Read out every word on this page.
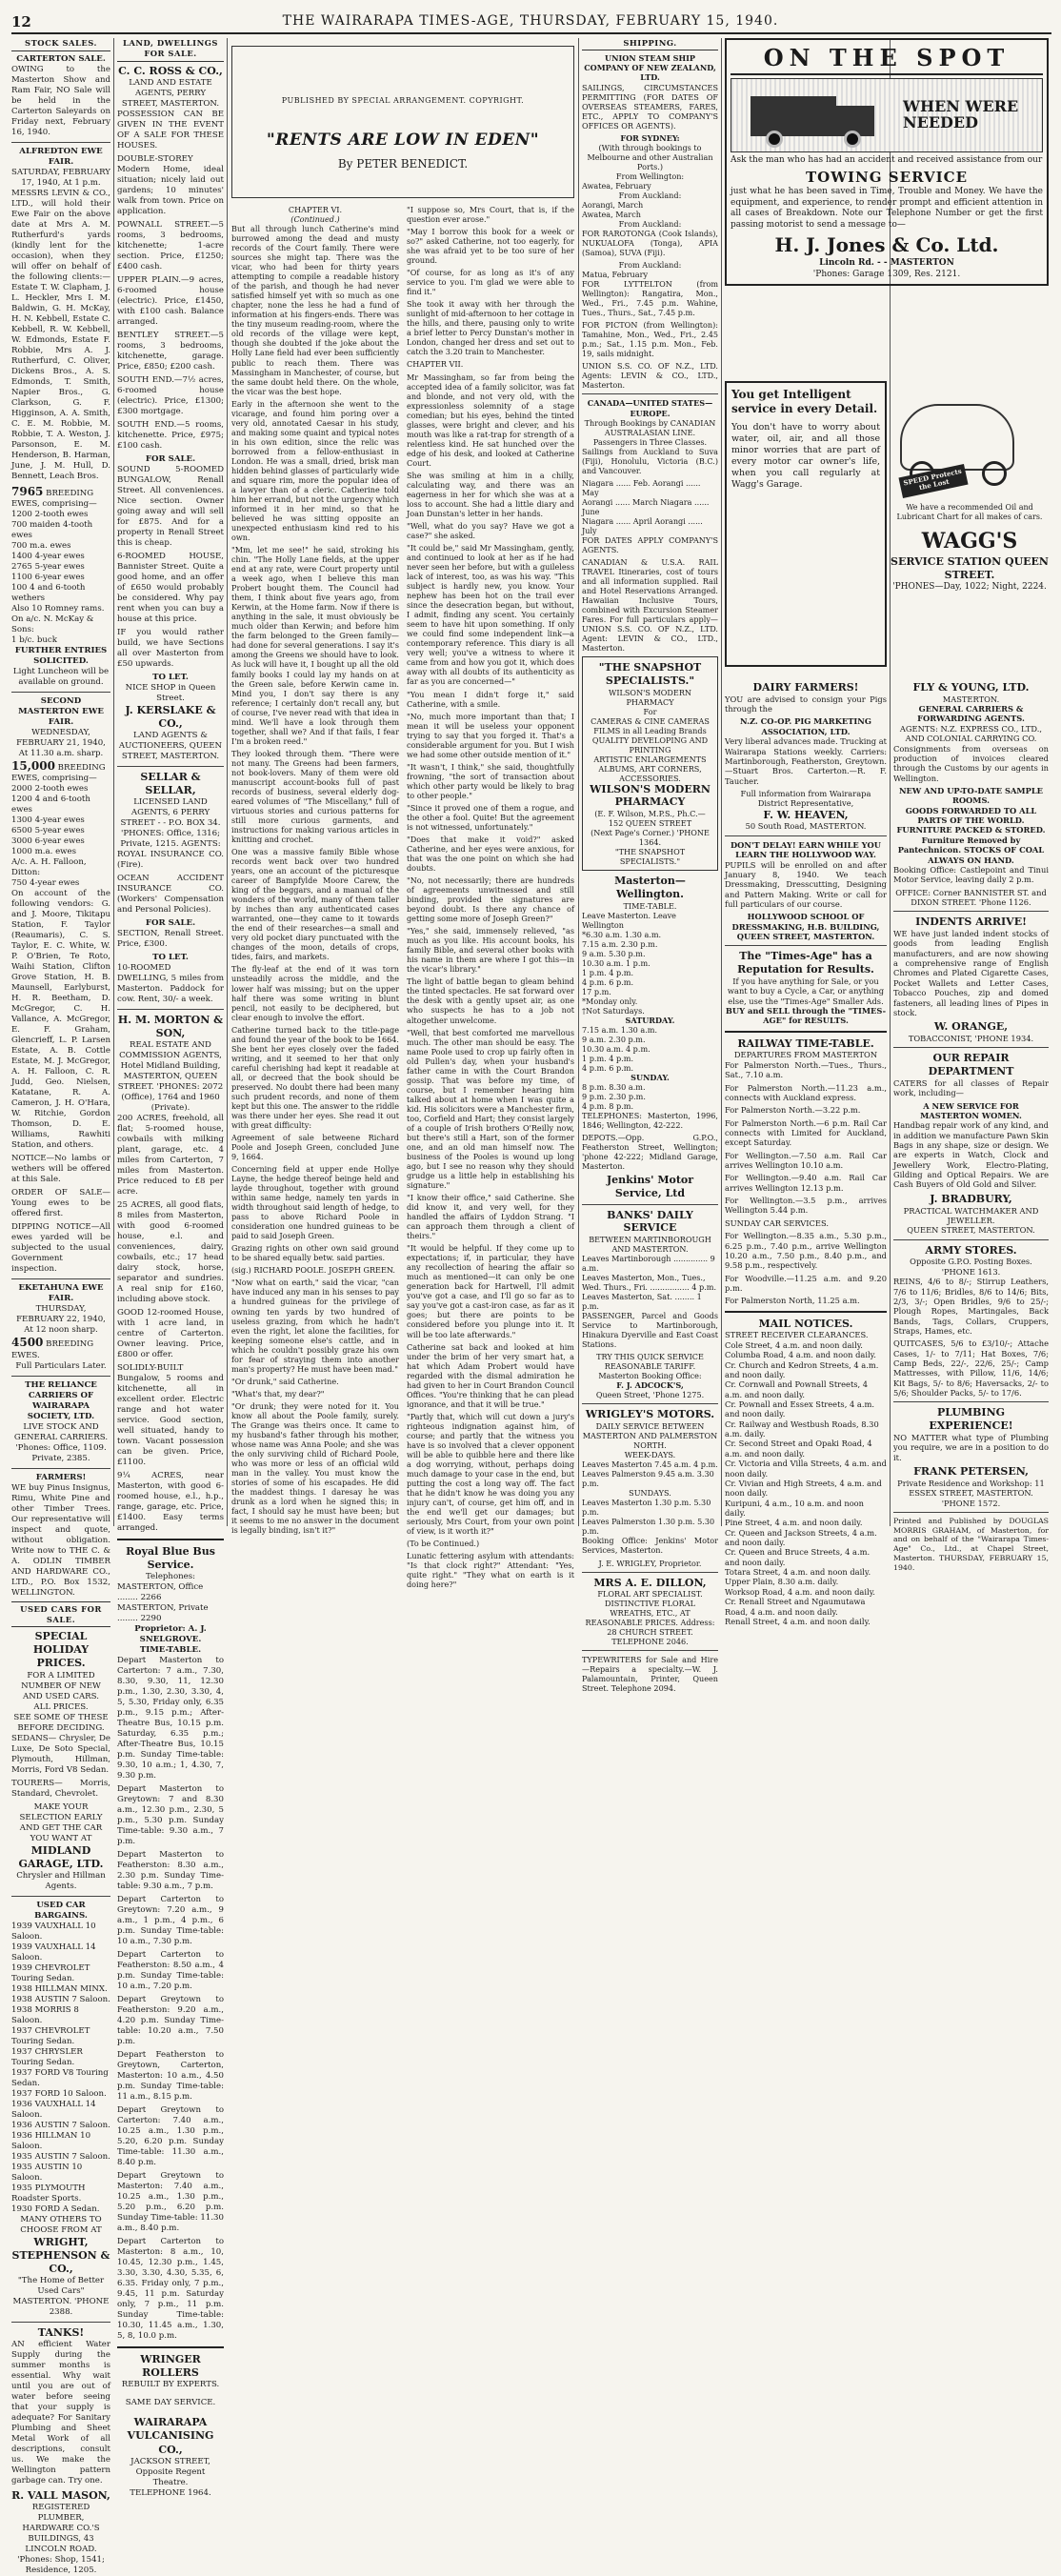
12	THE WAIRARAPA TIMES-AGE, THURSDAY, FEBRUARY 15, 1940.
STOCK SALES.
CARTERTON SALE.
OWING to the Masterton Show and Ram Fair, NO Sale will be held in the Carterton Saleyards on Friday next, February 16, 1940.
ALFREDTON EWE FAIR.
SATURDAY, FEBRUARY 17, 1940, At 1 p.m.
MESSRS LEVIN & CO., LTD., will hold their Ewe Fair on the above date at Mrs A. M. Rutherfurd's yards (kindly lent for the occasion), when they will offer on behalf of the following clients:— Estate T. W. Clapham, J. L. Heckler, Mrs I. M. Baldwin, G. H. McKay, H. N. Kebbell, Estate C. Kebbell, R. W. Kebbell, W. Edmonds, Estate F. Robbie, Mrs A. J. Rutherfurd, C. Oliver, Dickens Bros., A. S. Edmonds, T. Smith, Napier Bros., G. Clarkson, G. F. Higginson, A. A. Smith, C. E. M. Robbie, M. Robbie, T. A. Weston, J. Parsonson, E. M. Henderson, B. Harman, June, J. M. Hull, D. Bennett, Leach Bros.
7965 BREEDING EWES, comprising—
1200 2-tooth ewes
700 maiden 4-tooth ewes
700 m.a. ewes
1400 4-year ewes
2765 5-year ewes
1100 6-year ewes
100 4 and 6-tooth wethers
Also 10 Romney rams.
On a/c. N. McKay & Sons:
1 b/c. buck
FURTHER ENTRIES SOLICITED.
Light Luncheon will be available on ground.
SECOND MASTERTON EWE FAIR.
WEDNESDAY, FEBRUARY 21, 1940, At 11.30 a.m. sharp.
15,000 BREEDING EWES, comprising—
2000 2-tooth ewes
1200 4 and 6-tooth ewes
1300 4-year ewes
6500 5-year ewes
3000 6-year ewes
1000 m.a. ewes
A/c. A. H. Falloon, Ditton:
750 4-year ewes
On account of the following vendors: G. and J. Moore, Tikitapu Station, F. Taylor (Reaumaris), C. S. Taylor, E. C. White, W. P. O'Brien, Te Roto, Waihi Station, Clifton Grove Station, H. B. Maunsell, Earlyburst, H. R. Beetham, D. McGregor, C. H. Vallance, A. McGregor, E. F. Graham, Glencrieff, L. P. Larsen Estate, A. B. Cottle Estate, M. J. McGregor, A. H. Falloon, C. R. Judd, Geo. Nielsen, Katatane, R. A. Cameron, J. H. O'Hara, W. Ritchie, Gordon Thomson, D. E. Williams, Rawhiti Station, and others.
NOTICE—No lambs or wethers will be offered at this Sale.
ORDER OF SALE—Young ewes to be offered first.
DIPPING NOTICE—All ewes yarded will be subjected to the usual Government inspection.
EKETAHUNA EWE FAIR.
THURSDAY, FEBRUARY 22, 1940, At 12 noon sharp.
4500 BREEDING EWES.
Full Particulars Later.
THE RELIANCE CARRIERS OF WAIRARAPA SOCIETY, LTD.
LIVE STOCK AND GENERAL CARRIERS.
'Phones: Office, 1109. Private, 2385.
FARMERS!
WE buy Pinus Insignus, Rimu, White Pine and other Timber Trees. Our representative will inspect and quote, without obligation. Write now to THE C. & A. ODLIN TIMBER AND HARDWARE CO., LTD., P.O. Box 1532, WELLINGTON.
USED CARS FOR SALE.
SPECIAL HOLIDAY PRICES.
FOR A LIMITED NUMBER OF NEW AND USED CARS.
ALL PRICES.
SEE SOME OF THESE BEFORE DECIDING.
SEDANS— Chrysler, De Luxe, De Soto Special, Plymouth, Hillman, Morris, Ford V8 Sedan.
TOURERS— Morris, Standard, Chevrolet.
MAKE YOUR SELECTION EARLY AND GET THE CAR YOU WANT AT
MIDLAND GARAGE, LTD.
Chrysler and Hillman Agents.
USED CAR BARGAINS.
1939 VAUXHALL 10 Saloon.
1939 VAUXHALL 14 Saloon.
1939 CHEVROLET Touring Sedan.
1938 HILLMAN MINX.
1938 AUSTIN 7 Saloon.
1938 MORRIS 8 Saloon.
1937 CHEVROLET Touring Sedan.
1937 CHRYSLER Touring Sedan.
1937 FORD V8 Touring Sedan.
1937 FORD 10 Saloon.
1936 VAUXHALL 14 Saloon.
1936 AUSTIN 7 Saloon.
1936 HILLMAN 10 Saloon.
1935 AUSTIN 7 Saloon.
1935 AUSTIN 10 Saloon.
1935 PLYMOUTH Roadster Sports.
1930 FORD A Sedan.
MANY OTHERS TO CHOOSE FROM AT
WRIGHT, STEPHENSON & CO.,
"The Home of Better Used Cars"
MASTERTON. 'PHONE 2388.
TANKS!
AN efficient Water Supply during the summer months is essential. Why wait until you are out of water before seeing that your supply is adequate? For Sanitary Plumbing and Sheet Metal Work of all descriptions, consult us. We make the Wellington pattern garbage can. Try one.
R. VALL MASON,
REGISTERED PLUMBER, HARDWARE CO.'S BUILDINGS, 43 LINCOLN ROAD.
'Phones: Shop, 1541; Residence, 1205.
LAND, DWELLINGS FOR SALE.
C. C. ROSS & CO.,
LAND AND ESTATE AGENTS, PERRY STREET, MASTERTON.
POSSESSION CAN BE GIVEN IN THE EVENT OF A SALE FOR THESE HOUSES.
DOUBLE-STOREY Modern Home, ideal situation; nicely laid out gardens; 10 minutes' walk from town. Price on application.
POWNALL STREET.—5 rooms, 3 bedrooms, kitchenette; 1-acre section. Price, £1250; £400 cash.
UPPER PLAIN.—9 acres, 6-roomed house (electric). Price, £1450, with £100 cash. Balance arranged.
BENTLEY STREET.—5 rooms, 3 bedrooms, kitchenette, garage. Price, £850; £200 cash.
SOUTH END.—7½ acres, 6-roomed house (electric). Price, £1300; £300 mortgage.
SOUTH END.—5 rooms, kitchenette. Price, £975; £100 cash.
FOR SALE.
SOUND 5-ROOMED BUNGALOW, Renall Street. All conveniences. Nice section. Owner going away and will sell for £875. And for a property in Renall Street this is cheap.
6-ROOMED HOUSE, Bannister Street. Quite a good home, and an offer of £650 would probably be considered. Why pay rent when you can buy a house at this price.
IF you would rather build, we have Sections all over Masterton from £50 upwards.
TO LET.
NICE SHOP in Queen Street.
J. KERSLAKE & CO.,
LAND AGENTS & AUCTIONEERS, QUEEN STREET, MASTERTON.
SELLAR & SELLAR,
LICENSED LAND AGENTS, 6 PERRY STREET - - P.O. BOX 34. 'PHONES: Office, 1316; Private, 1215. AGENTS:
ROYAL INSURANCE CO. (Fire).
OCEAN ACCIDENT INSURANCE CO. (Workers' Compensation and Personal Policies).
FOR SALE.
SECTION, Renall Street. Price, £300.
TO LET.
10-ROOMED DWELLING, 5 miles from Masterton. Paddock for cow. Rent, 30/- a week.
H. M. MORTON & SON,
REAL ESTATE AND COMMISSION AGENTS, Hotel Midland Building, MASTERTON, QUEEN STREET. 'PHONES: 2072 (Office), 1764 and 1960 (Private).
200 ACRES, freehold, all flat; 5-roomed house, cowbails with milking plant, garage, etc. 4 miles from Carterton, 7 miles from Masterton. Price reduced to £8 per acre.
25 ACRES, all good flats, 8 miles from Masterton, with good 6-roomed house, e.l. and conveniences, dairy, cowbails, etc.; 17 head dairy stock, horse, separator and sundries. A real snip for £160, including above stock.
GOOD 12-roomed House, with 1 acre land, in centre of Carterton. Owner leaving. Price, £800 or offer.
SOLIDLY-BUILT Bungalow, 5 rooms and kitchenette, all in excellent order. Electric range and hot water service. Good section, well situated, handy to town. Vacant possession can be given. Price, £1100.
9¼ ACRES, near Masterton, with good 6-roomed house, e.l., h.p., range, garage, etc. Price, £1400. Easy terms arranged.
Royal Blue Bus Service.
Telephones:
MASTERTON, Office ........ 2266
MASTERTON, Private ........ 2290
Proprietor: A. J. SNELGROVE.
TIME-TABLE.
Depart Masterton to Carterton: 7 a.m., 7.30, 8.30, 9.30, 11, 12.30 p.m., 1.30, 2.30, 3.30, 4, 5, 5.30, Friday only, 6.35 p.m., 9.15 p.m.; After-Theatre Bus, 10.15 p.m. Saturday, 6.35 p.m.; After-Theatre Bus, 10.15 p.m. Sunday Time-table: 9.30, 10 a.m.; 1, 4.30, 7, 9.30 p.m.
Depart Masterton to Greytown: 7 and 8.30 a.m., 12.30 p.m., 2.30, 5 p.m., 5.30 p.m. Sunday Time-table: 9.30 a.m., 7 p.m.
Depart Masterton to Featherston: 8.30 a.m., 2.30 p.m. Sunday Time-table: 9.30 a.m., 7 p.m.
Depart Carterton to Greytown: 7.20 a.m., 9 a.m., 1 p.m., 4 p.m., 6 p.m. Sunday Time-table: 10 a.m., 7.30 p.m.
Depart Carterton to Featherston: 8.50 a.m., 4 p.m. Sunday Time-table: 10 a.m., 7.20 p.m.
Depart Greytown to Featherston: 9.20 a.m., 4.20 p.m. Sunday Time-table: 10.20 a.m., 7.50 p.m.
Depart Featherston to Greytown, Carterton, Masterton: 10 a.m., 4.50 p.m. Sunday Time-table: 11 a.m., 8.15 p.m.
Depart Greytown to Carterton: 7.40 a.m., 10.25 a.m., 1.30 p.m., 5.20, 6.20 p.m. Sunday Time-table: 11.30 a.m., 8.40 p.m.
Depart Greytown to Masterton: 7.40 a.m., 10.25 a.m., 1.30 p.m., 5.20 p.m., 6.20 p.m. Sunday Time-table: 11.30 a.m., 8.40 p.m.
Depart Carterton to Masterton: 8 a.m., 10, 10.45, 12.30 p.m., 1.45, 3.30, 3.30, 4.30, 5.35, 6, 6.35. Friday only, 7 p.m., 9.45, 11 p.m. Saturday only, 7 p.m., 11 p.m. Sunday Time-table: 10.30, 11.45 a.m., 1.30, 5, 8, 10.0 p.m.
WRINGER ROLLERS
REBUILT BY EXPERTS.
SAME DAY SERVICE.
WAIRARAPA VULCANISING CO.,
JACKSON STREET,
Opposite Regent Theatre.
TELEPHONE 1964.
PUBLISHED BY SPECIAL ARRANGEMENT. COPYRIGHT.
"RENTS ARE LOW IN EDEN"
By PETER BENEDICT.
CHAPTER VI.
(Continued.)
But all through lunch Catherine's mind burrowed among the dead and musty records of the Court family. There were sources she might tap. There was the vicar, who had been for thirty years attempting to compile a readable history of the parish, and though he had never satisfied himself yet with so much as one chapter, none the less he had a fund of information at his fingers-ends. There was the tiny museum reading-room, where the old records of the village were kept, though she doubted if the joke about the Holly Lane field had ever been sufficiently public to reach them. There was Massingham in Manchester, of course, but the same doubt held there. On the whole, the vicar was the best hope.
Early in the afternoon she went to the vicarage, and found him poring over a very old, annotated Caesar in his study, and making some quaint and typical notes in his own edition, since the relic was borrowed from a fellow-enthusiast in London. He was a small, dried, brisk man hidden behind glasses of particularly wide and square rim, more the popular idea of a lawyer than of a cleric. Catherine told him her errand, but not the urgency which informed it in her mind, so that he believed he was sitting opposite an unexpected enthusiasm kind red to his own.
"Mm, let me see!" he said, stroking his chin. "The Holly Lane fields, at the upper end at any rate, were Court property until a week ago, when I believe this man Probert bought them. The Council had them, I think about five years ago, from Kerwin, at the Home farm. Now if there is anything in the sale, it must obviously be much older than Kerwin; and before him the farm belonged to the Green family—had done for several generations. I say it's among the Greens we should have to look. As luck will have it, I bought up all the old family books I could lay my hands on at the Green sale, before Kerwin came in. Mind you, I don't say there is any reference; I certainly don't recall any, but of course, I've never read with that idea in mind. We'll have a look through them together, shall we? And if that fails, I fear I'm a broken reed."
They looked through them. "There were not many. The Greens had been farmers, not book-lovers. Many of them were old manuscript account-books full of past records of business, several elderly dog-eared volumes of "The Miscellany," full of virtuous stories and curious patterns for still more curious garments, and instructions for making various articles in knitting and crochet.
One was a massive family Bible whose records went back over two hundred years, one an account of the picturesque career of Bampfylde Moore Carew, the king of the beggars, and a manual of the wonders of the world, many of them taller by inches than any authenticated cases warranted, one—they came to it towards the end of their researches—a small and very old pocket diary punctuated with the changes of the moon, details of crops, tides, fairs, and markets.
The fly-leaf at the end of it was torn unsteadily across the middle, and the lower half was missing; but on the upper half there was some writing in blunt pencil, not easily to be deciphered, but clear enough to involve the effort.
Catherine turned back to the title-page and found the year of the book to be 1664. She bent her eyes closely over the faded writing, and it seemed to her that only careful cherishing had kept it readable at all, or decreed that the book should be preserved. No doubt there had been many such prudent records, and none of them kept but this one. The answer to the riddle was there under her eyes. She read it out with great difficulty:
Agreement of sale betweene Richard Poole and Joseph Green, concluded June 9, 1664.
Concerning field at upper ende Hollye Layne, the hedge thereof beinge held and layde throughout, together with ground within same hedge, namely ten yards in width throughout said length of hedge, to pass to above Richard Poole in consideration one hundred guineas to be paid to said Joseph Green.
Grazing rights on other own said ground to be shared equally betw. said parties.
(sig.) RICHARD POOLE. JOSEPH GREEN.
"Now what on earth," said the vicar, "can have induced any man in his senses to pay a hundred guineas for the privilege of owning ten yards by two hundred of useless grazing, from which he hadn't even the right, let alone the facilities, for keeping someone else's cattle, and in which he couldn't possibly graze his own for fear of straying them into another man's property? He must have been mad."
"Or drunk," said Catherine.
"What's that, my dear?"
"Or drunk; they were noted for it. You know all about the Poole family, surely. The Grange was theirs once. It came to my husband's father through his mother, whose name was Anna Poole; and she was the only surviving child of Richard Poole, who was more or less of an official wild man in the valley. You must know the stories of some of his escapades. He did the maddest things. I daresay he was drunk as a lord when he signed this; in fact, I should say he must have been; but it seems to me no answer in the document is legally binding, isn't it?"
"I suppose so, Mrs Court, that is, if the question ever arose."
"May I borrow this book for a week or so?" asked Catherine, not too eagerly, for she was afraid yet to be too sure of her ground.
"Of course, for as long as it's of any service to you. I'm glad we were able to find it."
She took it away with her through the sunlight of mid-afternoon to her cottage in the hills, and there, pausing only to write a brief letter to Percy Dunstan's mother in London, changed her dress and set out to catch the 3.20 train to Manchester.
CHAPTER VII.
Mr Massingham, so far from being the accepted idea of a family solicitor, was fat and blonde, and not very old, with the expressionless solemnity of a stage comedian; but his eyes, behind the tinted glasses, were bright and clever, and his mouth was like a rat-trap for strength of a relentless kind. He sat hunched over the edge of his desk, and looked at Catherine Court.
She was smiling at him in a chilly, calculating way, and there was an eagerness in her for which she was at a loss to account. She had a little diary and Joan Dunstan's letter in her hands.
"Well, what do you say? Have we got a case?" she asked.
"It could be," said Mr Massingham, gently, and continued to look at her as if he had never seen her before, but with a guileless lack of interest, too, as was his way. "This subject is hardly new, you know. Your nephew has been hot on the trail ever since the desecration began, but without, I admit, finding any scent. You certainly seem to have hit upon something. If only we could find some independent link—a contemporary reference. This diary is all very well; you've a witness to where it came from and how you got it, which does away with all doubts of its authenticity as far as you are concerned—"
"You mean I didn't forge it," said Catherine, with a smile.
"No, much more important than that; I mean it will be useless your opponent trying to say that you forged it. That's a considerable argument for you. But I wish we had some other outside mention of it."
"It wasn't, I think," she said, thoughtfully frowning, "the sort of transaction about which other party would be likely to brag to other people."
"Since it proved one of them a rogue, and the other a fool. Quite! But the agreement is not witnessed, unfortunately."
"Does that make it void?" asked Catherine, and her eyes were anxious, for that was the one point on which she had doubts.
"No, not necessarily; there are hundreds of agreements unwitnessed and still binding, provided the signatures are beyond doubt. Is there any chance of getting some more of Joseph Green?"
"Yes," she said, immensely relieved, "as much as you like. His account books, his family Bible, and several other books with his name in them are where I got this—in the vicar's library."
The light of battle began to gleam behind the tinted spectacles. He sat forward over the desk with a gently upset air, as one who suspects he has to a job not altogether unwelcome.
"Well, that best comforted me marvellous much. The other man should be easy. The name Poole used to crop up fairly often in old Pullen's day, when your husband's father came in with the Court Brandon gossip. That was before my time, of course, but I remember hearing him talked about at home when I was quite a kid. His solicitors were a Manchester firm, too, Corfield and Hart; they consist largely of a couple of Irish brothers O'Reilly now, but there's still a Hart, son of the former one, and an old man himself now. The business of the Pooles is wound up long ago, but I see no reason why they should grudge us a little help in establishing his signature."
"I know their office," said Catherine. She did know it, and very well, for they handled the affairs of Lyddon Strang. "I can approach them through a client of theirs."
"It would be helpful. If they come up to expectations; if, in particular, they have any recollection of hearing the affair so much as mentioned—it can only be one generation back for Hartwell, I'll admit you've got a case, and I'll go so far as to say you've got a cast-iron case, as far as it goes; but there are points to be considered before you plunge into it. It will be too late afterwards."
Catherine sat back and looked at him under the brim of her very smart hat, a hat which Adam Probert would have regarded with the dismal admiration he had given to her in Court Brandon Council Offices. "You're thinking that he can plead ignorance, and that it will be true."
"Partly that, which will cut down a jury's righteous indignation against him, of course; and partly that the witness you have is so involved that a clever opponent will be able to quibble here and there like a dog worrying, without, perhaps doing much damage to your case in the end, but putting the cost a long way off. The fact that he didn't know he was doing you any injury can't, of course, get him off, and in the end we'll get our damages; but seriously, Mrs Court, from your own point of view, is it worth it?"
(To be Continued.)
Lunatic fettering asylum with attendants: "Is that clock right?" Attendant: "Yes, quite right." "They what on earth is it doing here?"
SHIPPING.
UNION STEAM SHIP COMPANY OF NEW ZEALAND, LTD.
SAILINGS, CIRCUMSTANCES PERMITTING (FOR DATES OF OVERSEAS STEAMERS, FARES, ETC., APPLY TO COMPANY'S OFFICES OR AGENTS).
FOR SYDNEY:
(With through bookings to Melbourne and other Australian Ports.)
From Wellington:
Awatea, February
From Auckland:
Aorangi, March
Awatea, March
From Auckland:
FOR RAROTONGA (Cook Islands), NUKUALOFA (Tonga), APIA (Samoa), SUVA (Fiji).
From Auckland:
Matua, February
FOR LYTTELTON (from Wellington): Rangatira, Mon., Wed., Fri., 7.45 p.m. Wahine, Tues., Thurs., Sat., 7.45 p.m.
FOR PICTON (from Wellington): Tamahine, Mon., Wed., Fri., 2.45 p.m.; Sat., 1.15 p.m. Mon., Feb. 19, sails midnight.
UNION S.S. CO. OF N.Z., LTD. Agents: LEVIN & CO., LTD., Masterton.
CANADA—UNITED STATES—EUROPE.
Through Bookings by CANADIAN AUSTRALASIAN LINE.
Passengers in Three Classes.
Sailings from Auckland to Suva (Fiji), Honolulu, Victoria (B.C.) and Vancouver.
Niagara ...... Feb. Aorangi ...... May
Aorangi ...... March Niagara ...... June
Niagara ...... April Aorangi ...... July
FOR DATES APPLY COMPANY'S AGENTS.
CANADIAN & U.S.A. RAIL TRAVEL Itineraries, cost of tours and all information supplied. Rail and Hotel Reservations Arranged. Hawaiian Inclusive Tours, combined with Excursion Steamer Fares. For full particulars apply— UNION S.S. CO. OF N.Z., LTD. Agent: LEVIN & CO., LTD., Masterton.
"THE SNAPSHOT SPECIALISTS."
WILSON'S MODERN PHARMACY
For
CAMERAS & CINE CAMERAS
FILMS in all Leading Brands
QUALITY DEVELOPING AND PRINTING
ARTISTIC ENLARGEMENTS
ALBUMS, ART CORNERS, ACCESSORIES.
WILSON'S MODERN PHARMACY
(E. F. Wilson, M.P.S., Ph.C.—
152 QUEEN STREET
(Next Page's Corner.) 'PHONE 1364.
"THE SNAPSHOT SPECIALISTS."
Masterton—Wellington.
TIME-TABLE.
Leave Masterton. Leave Wellington
*6.30 a.m. 1.30 a.m.
7.15 a.m. 2.30 p.m.
9 a.m. 5.30 p.m.
10.30 a.m. 1 p.m.
1 p.m. 4 p.m.
4 p.m. 6 p.m.
17 p.m.
*Monday only.
†Not Saturdays.
SATURDAY.
7.15 a.m. 1.30 a.m.
9 a.m. 2.30 p.m.
10.30 a.m. 4 p.m.
1 p.m. 4 p.m.
4 p.m. 6 p.m.
SUNDAY.
8 p.m. 8.30 a.m.
9 p.m. 2.30 p.m.
4 p.m. 8 p.m.
TELEPHONES: Masterton, 1996, 1846; Wellington, 42-222.
DEPOTS.—Opp. G.P.O., Featherston Street, Wellington; 'phone 42-222; Midland Garage, Masterton.
Jenkins' Motor Service, Ltd
BANKS' DAILY SERVICE
BETWEEN MARTINBOROUGH AND MASTERTON.
Leaves Martinborough .............. 9 a.m.
Leaves Masterton, Mon., Tues., Wed. Thurs., Fri. ................ 4 p.m.
Leaves Masterton, Sat. ........ 1 p.m.
PASSENGER, Parcel and Goods Service to Martinborough, Hinakura Dyerville and East Coast Stations.
TRY THIS QUICK SERVICE REASONABLE TARIFF.
Masterton Booking Office:
F. J. ADCOCK'S,
Queen Street, 'Phone 1275.
WRIGLEY'S MOTORS.
DAILY SERVICE BETWEEN MASTERTON AND PALMERSTON NORTH.
WEEK-DAYS.
Leaves Masterton 7.45 a.m. 4 p.m.
Leaves Palmerston 9.45 a.m. 3.30 p.m.
SUNDAYS.
Leaves Masterton 1.30 p.m. 5.30 p.m.
Leaves Palmerston 1.30 p.m. 5.30 p.m.
Booking Office: Jenkins' Motor Services, Masterton.
J. E. WRIGLEY, Proprietor.
MRS A. E. DILLON,
FLORAL ART SPECIALIST.
DISTINCTIVE FLORAL WREATHS, ETC., AT REASONABLE PRICES. Address: 28 CHURCH STREET. TELEPHONE 2046.
TYPEWRITERS for Sale and Hire—Repairs a specialty.—W. J. Palamountain, Printer, Queen Street. Telephone 2094.
ON THE SPOT
WHEN WERE NEEDED
Ask the man who has had an accident and received assistance from our
TOWING SERVICE
just what he has been saved in Time, Trouble and Money. We have the equipment, and experience, to render prompt and efficient attention in all cases of Breakdown. Note our Telephone Number or get the first passing motorist to send a message to—
H. J. Jones & Co. Ltd.
Lincoln Rd. - - MASTERTON
'Phones: Garage 1309, Res. 2121.
You get Intelligent service in every Detail.
You don't have to worry about water, oil, air, and all those minor worries that are part of every motor car owner's life, when you call regularly at Wagg's Garage.	SPEED Protects the Lost
We have a recommended Oil and Lubricant Chart for all makes of cars.
WAGG'S
SERVICE STATION QUEEN STREET.
'PHONES—Day, 1022; Night, 2224.
DAIRY FARMERS!
YOU are advised to consign your Pigs through the
N.Z. CO-OP. PIG MARKETING ASSOCIATION, LTD.
Very liberal advances made. Trucking at Wairarapa Stations weekly. Carriers: Martinborough, Featherston, Greytown.—Stuart Bros. Carterton.—R. F. Taucher.
Full information from Wairarapa District Representative,
F. W. HEAVEN,
50 South Road, MASTERTON.
DON'T DELAY! EARN WHILE YOU LEARN THE HOLLYWOOD WAY.
PUPILS will be enrolled on and after January 8, 1940. We teach Dressmaking, Dresscutting, Designing and Pattern Making. Write or call for full particulars of our course.
HOLLYWOOD SCHOOL OF DRESSMAKING, H.B. BUILDING, QUEEN STREET, MASTERTON.
The "Times-Age" has a Reputation for Results.
If you have anything for Sale, or you want to buy a Cycle, a Car, or anything else, use the "Times-Age" Smaller Ads.
BUY and SELL through the "TIMES-AGE" for RESULTS.
RAILWAY TIME-TABLE.
DEPARTURES FROM MASTERTON
For Palmerston North.—Tues., Thurs., Sat., 7.10 a.m.
For Palmerston North.—11.23 a.m., connects with Auckland express.
For Palmerston North.—3.22 p.m.
For Palmerston North.—6 p.m. Rail Car connects with Limited for Auckland, except Saturday.
For Wellington.—7.50 a.m. Rail Car arrives Wellington 10.10 a.m.
For Wellington.—9.40 a.m. Rail Car arrives Wellington 12.13 p.m.
For Wellington.—3.5 p.m., arrives Wellington 5.44 p.m.
SUNDAY CAR SERVICES.
For Wellington.—8.35 a.m., 5.30 p.m., 6.25 p.m., 7.40 p.m., arrive Wellington 10.20 a.m., 7.50 p.m., 8.40 p.m., and 9.58 p.m., respectively.
For Woodville.—11.25 a.m. and 9.20 p.m.
For Palmerston North, 11.25 a.m.
MAIL NOTICES.
STREET RECEIVER CLEARANCES.
Cole Street, 4 a.m. and noon daily.
Columba Road, 4 a.m. and noon daily.
Cr. Church and Kedron Streets, 4 a.m. and noon daily.
Cr. Cornwall and Pownall Streets, 4 a.m. and noon daily.
Cr. Pownall and Essex Streets, 4 a.m. and noon daily.
Cr. Railway and Westbush Roads, 8.30 a.m. daily.
Cr. Second Street and Opaki Road, 4 a.m. and noon daily.
Cr. Victoria and Villa Streets, 4 a.m. and noon daily.
Cr. Vivian and High Streets, 4 a.m. and noon daily.
Kuripuni, 4 a.m., 10 a.m. and noon daily.
Pine Street, 4 a.m. and noon daily.
Cr. Queen and Jackson Streets, 4 a.m. and noon daily.
Cr. Queen and Bruce Streets, 4 a.m. and noon daily.
Totara Street, 4 a.m. and noon daily.
Upper Plain, 8.30 a.m. daily.
Worksop Road, 4 a.m. and noon daily.
Cr. Renall Street and Ngaumutawa Road, 4 a.m. and noon daily.
Renall Street, 4 a.m. and noon daily.
FLY & YOUNG, LTD.
MASTERTON.
GENERAL CARRIERS & FORWARDING AGENTS.
AGENTS: N.Z. EXPRESS CO., LTD., AND COLONIAL CARRYING CO.
Consignments from overseas on production of invoices cleared through the Customs by our agents in Wellington.
NEW AND UP-TO-DATE SAMPLE ROOMS.
GOODS FORWARDED TO ALL PARTS OF THE WORLD.
FURNITURE PACKED & STORED. Furniture Removed by Pantechnicon. STOCKS OF COAL ALWAYS ON HAND.
Booking Office: Castlepoint and Tinui Motor Service, leaving daily 2 p.m.
OFFICE: Corner BANNISTER ST. and DIXON STREET. 'Phone 1126.
INDENTS ARRIVE!
WE have just landed indent stocks of goods from leading English manufacturers, and are now showing a comprehensive range of English Chromes and Plated Cigarette Cases, Pocket Wallets and Letter Cases, Tobacco Pouches, zip and domed fasteners, all leading lines of Pipes in stock.
W. ORANGE,
TOBACCONIST, 'PHONE 1934.
OUR REPAIR DEPARTMENT
CATERS for all classes of Repair work, including—
A NEW SERVICE FOR MASTERTON WOMEN.
Handbag repair work of any kind, and in addition we manufacture Pawn Skin Bags in any shape, size or design. We are experts in Watch, Clock and Jewellery Work, Electro-Plating, Gilding and Optical Repairs. We are Cash Buyers of Old Gold and Silver.
J. BRADBURY,
PRACTICAL WATCHMAKER AND JEWELLER.
QUEEN STREET, MASTERTON.
ARMY STORES.
Opposite G.P.O. Posting Boxes. 'PHONE 1613.
REINS, 4/6 to 8/-; Stirrup Leathers, 7/6 to 11/6; Bridles, 8/6 to 14/6; Bits, 2/3, 3/-; Open Bridles, 9/6 to 25/-; Plough Ropes, Martingales, Back Bands, Tags, Collars, Cruppers, Straps, Hames, etc.
QUITCASES, 5/6 to £3/10/-; Attache Cases, 1/- to 7/11; Hat Boxes, 7/6; Camp Beds, 22/-, 22/6, 25/-; Camp Mattresses, with Pillow, 11/6, 14/6; Kit Bags, 5/- to 8/6; Haversacks, 2/- to 5/6; Shoulder Packs, 5/- to 17/6.
PLUMBING EXPERIENCE!
NO MATTER what type of Plumbing you require, we are in a position to do it.
FRANK PETERSEN,
Private Residence and Workshop: 11 ESSEX STREET, MASTERTON. 'PHONE 1572.
Printed and Published by DOUGLAS MORRIS GRAHAM, of Masterton, for and on behalf of the "Wairarapa Times-Age" Co., Ltd., at Chapel Street, Masterton. THURSDAY, FEBRUARY 15, 1940.
